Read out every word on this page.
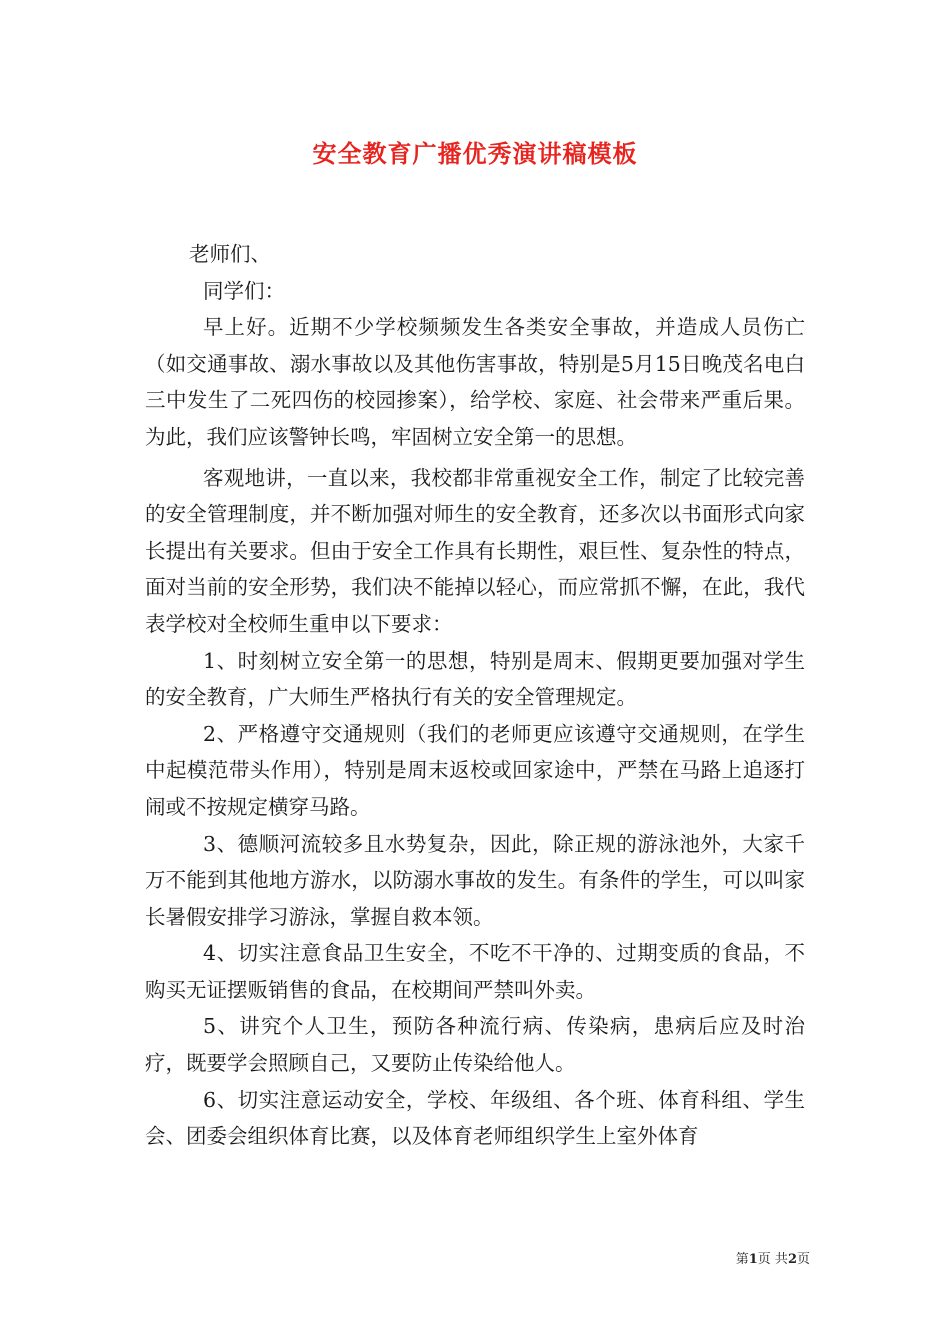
安全教育广播优秀演讲稿模板

老师们、

同学们：

早上好。近期不少学校频频发生各类安全事故，并造成人员伤亡（如交通事故、溺水事故以及其他伤害事故，特别是5月15日晚茂名电白三中发生了二死四伤的校园掺案），给学校、家庭、社会带来严重后果。为此，我们应该警钟长鸣，牢固树立安全第一的思想。

客观地讲，一直以来，我校都非常重视安全工作，制定了比较完善的安全管理制度，并不断加强对师生的安全教育，还多次以书面形式向家长提出有关要求。但由于安全工作具有长期性，艰巨性、复杂性的特点，面对当前的安全形势，我们决不能掉以轻心，而应常抓不懈，在此，我代表学校对全校师生重申以下要求：

1、时刻树立安全第一的思想，特别是周末、假期更要加强对学生的安全教育，广大师生严格执行有关的安全管理规定。

2、严格遵守交通规则（我们的老师更应该遵守交通规则，在学生中起模范带头作用），特别是周末返校或回家途中，严禁在马路上追逐打闹或不按规定横穿马路。

3、德顺河流较多且水势复杂，因此，除正规的游泳池外，大家千万不能到其他地方游水，以防溺水事故的发生。有条件的学生，可以叫家长暑假安排学习游泳，掌握自救本领。

4、切实注意食品卫生安全，不吃不干净的、过期变质的食品，不购买无证摆贩销售的食品，在校期间严禁叫外卖。

5、讲究个人卫生，预防各种流行病、传染病，患病后应及时治疗，既要学会照顾自己，又要防止传染给他人。

6、切实注意运动安全，学校、年级组、各个班、体育科组、学生会、团委会组织体育比赛，以及体育老师组织学生上室外体育

第1页 共2页
